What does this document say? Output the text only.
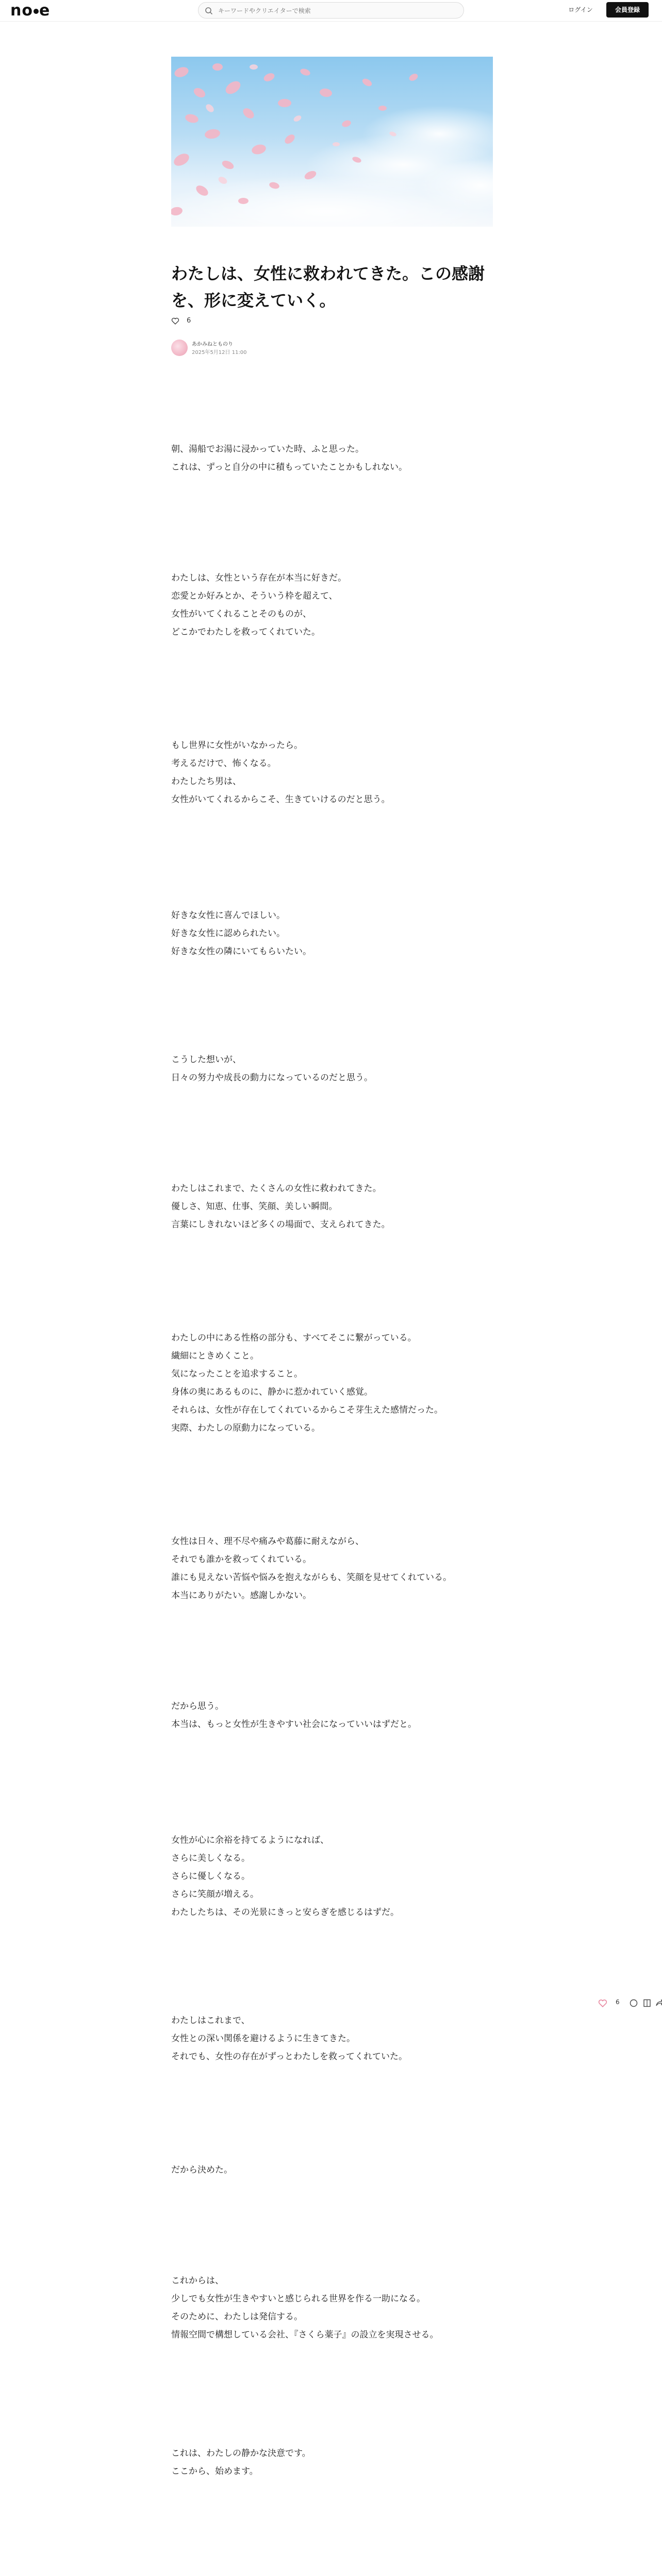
no e
キーワードやクリエイターで検索	ログイン	会員登録
わたしは、女性に救われてきた。この感謝を、形に変えていく。
6
あかみねとものり
2025年5月12日 11:00
朝、湯船でお湯に浸かっていた時、ふと思った。
これは、ずっと自分の中に積もっていたことかもしれない。
わたしは、女性という存在が本当に好きだ。
恋愛とか好みとか、そういう枠を超えて、
女性がいてくれることそのものが、
どこかでわたしを救ってくれていた。
もし世界に女性がいなかったら。
考えるだけで、怖くなる。
わたしたち男は、
女性がいてくれるからこそ、生きていけるのだと思う。
好きな女性に喜んでほしい。
好きな女性に認められたい。
好きな女性の隣にいてもらいたい。
こうした想いが、
日々の努力や成長の動力になっているのだと思う。
わたしはこれまで、たくさんの女性に救われてきた。
優しさ、知恵、仕事、笑顔、美しい瞬間。
言葉にしきれないほど多くの場面で、支えられてきた。
わたしの中にある性格の部分も、すべてそこに繋がっている。
繊細にときめくこと。
気になったことを追求すること。
身体の奥にあるものに、静かに惹かれていく感覚。
それらは、女性が存在してくれているからこそ芽生えた感情だった。
実際、わたしの原動力になっている。
女性は日々、理不尽や痛みや葛藤に耐えながら、
それでも誰かを救ってくれている。
誰にも見えない苦悩や悩みを抱えながらも、笑顔を見せてくれている。
本当にありがたい。感謝しかない。
だから思う。
本当は、もっと女性が生きやすい社会になっていいはずだと。
女性が心に余裕を持てるようになれば、
さらに美しくなる。
さらに優しくなる。
さらに笑顔が増える。
わたしたちは、その光景にきっと安らぎを感じるはずだ。
わたしはこれまで、
女性との深い関係を避けるように生きてきた。
それでも、女性の存在がずっとわたしを救ってくれていた。
だから決めた。
これからは、
少しでも女性が生きやすいと感じられる世界を作る一助になる。
そのために、わたしは発信する。
情報空間で構想している会社、『さくら薬子』の設立を実現させる。
これは、わたしの静かな決意です。
ここから、始めます。
6
